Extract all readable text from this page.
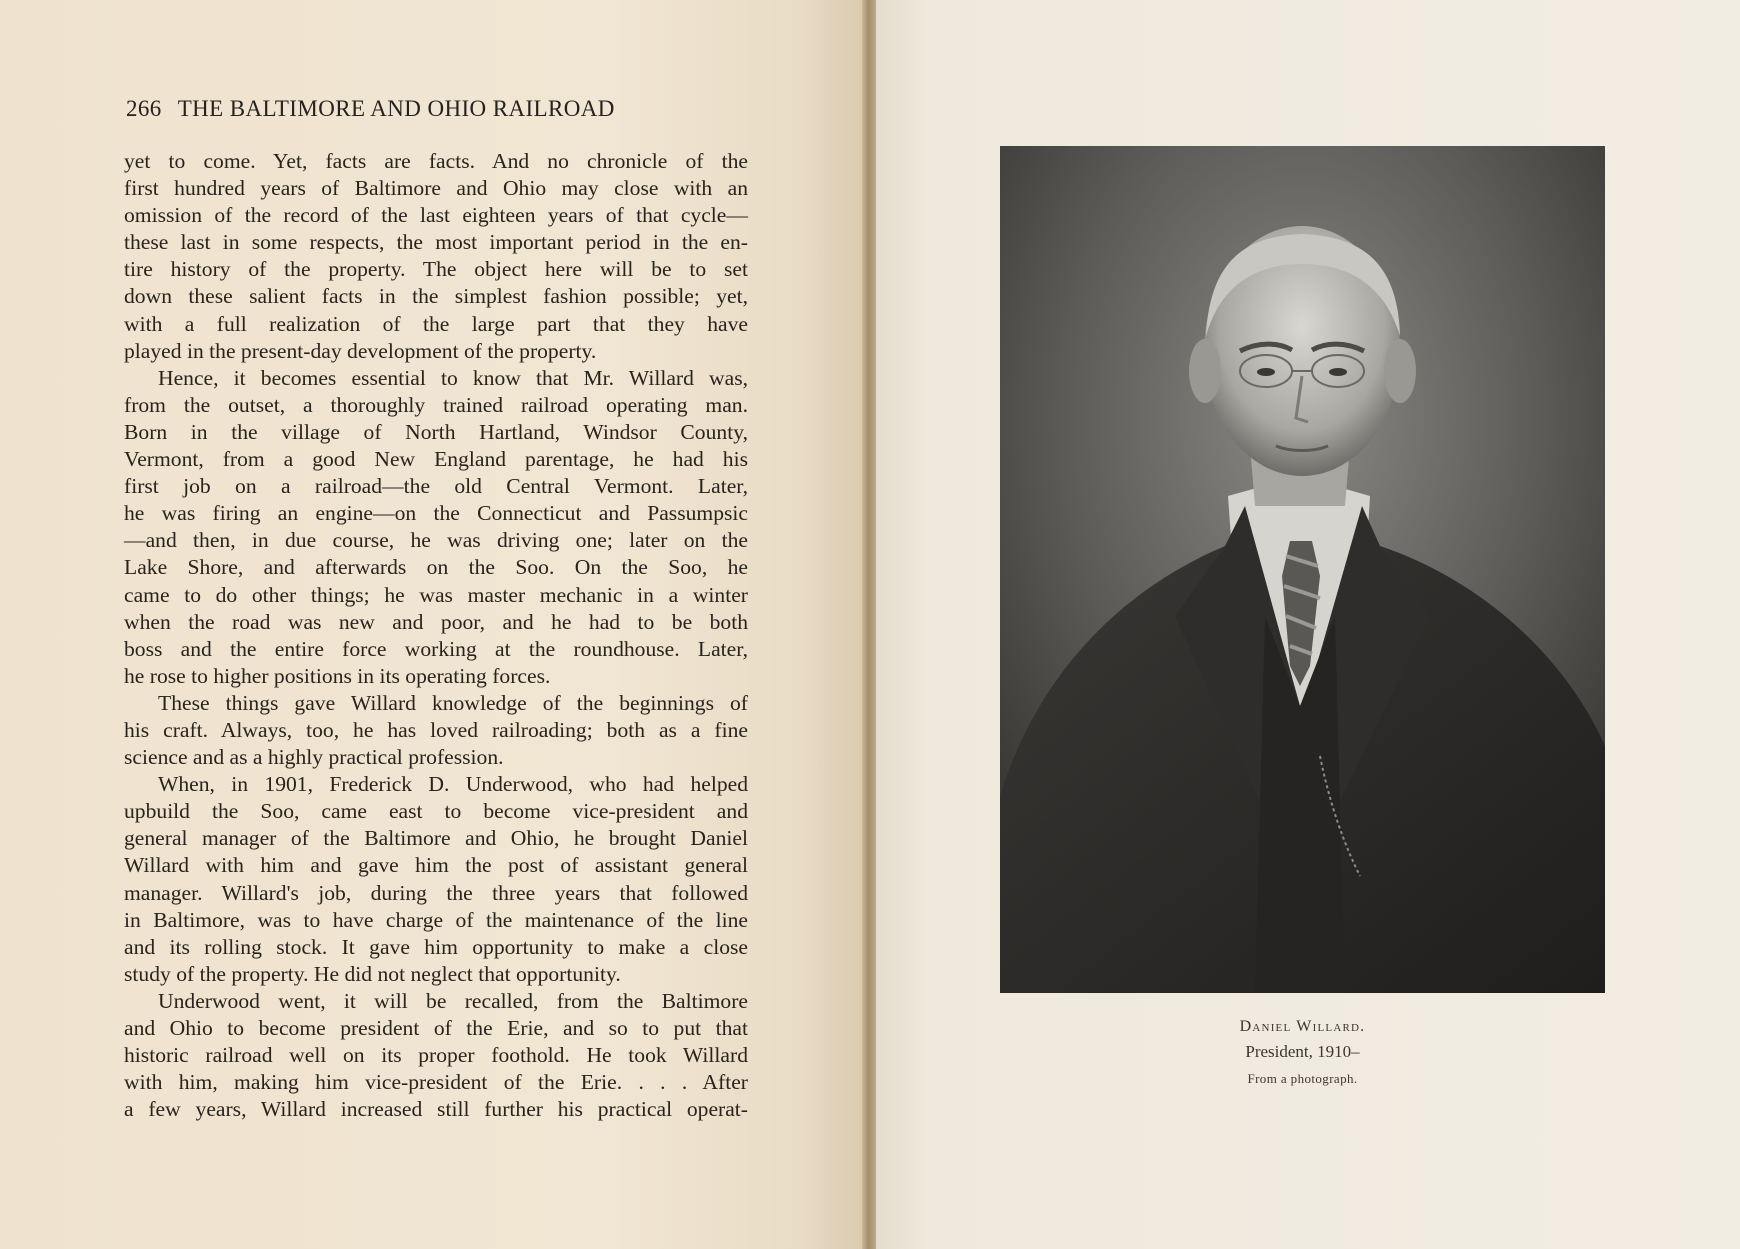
266 THE BALTIMORE AND OHIO RAILROAD
yet to come. Yet, facts are facts. And no chronicle of the
first hundred years of Baltimore and Ohio may close with an
omission of the record of the last eighteen years of that cycle—
these last in some respects, the most important period in the en-
tire history of the property. The object here will be to set
down these salient facts in the simplest fashion possible; yet,
with a full realization of the large part that they have
played in the present-day development of the property.
Hence, it becomes essential to know that Mr. Willard was,
from the outset, a thoroughly trained railroad operating man.
Born in the village of North Hartland, Windsor County,
Vermont, from a good New England parentage, he had his
first job on a railroad—the old Central Vermont. Later,
he was firing an engine—on the Connecticut and Passumpsic
—and then, in due course, he was driving one; later on the
Lake Shore, and afterwards on the Soo. On the Soo, he
came to do other things; he was master mechanic in a winter
when the road was new and poor, and he had to be both
boss and the entire force working at the roundhouse. Later,
he rose to higher positions in its operating forces.
These things gave Willard knowledge of the beginnings of
his craft. Always, too, he has loved railroading; both as a fine
science and as a highly practical profession.
When, in 1901, Frederick D. Underwood, who had helped
upbuild the Soo, came east to become vice-president and
general manager of the Baltimore and Ohio, he brought Daniel
Willard with him and gave him the post of assistant general
manager. Willard's job, during the three years that followed
in Baltimore, was to have charge of the maintenance of the line
and its rolling stock. It gave him opportunity to make a close
study of the property. He did not neglect that opportunity.
Underwood went, it will be recalled, from the Baltimore
and Ohio to become president of the Erie, and so to put that
historic railroad well on its proper foothold. He took Willard
with him, making him vice-president of the Erie. . . . After
a few years, Willard increased still further his practical operat-
Daniel Willard.
President, 1910–
From a photograph.
